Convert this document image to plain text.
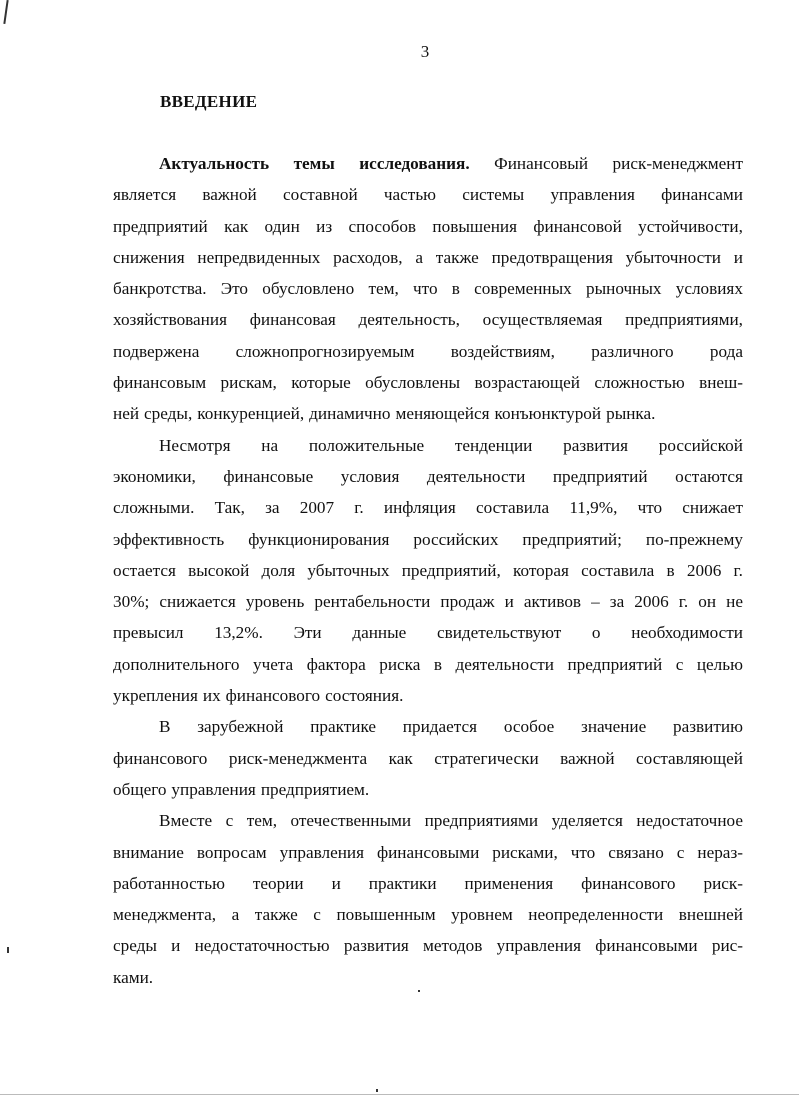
3
ВВЕДЕНИЕ
Актуальность темы исследования. Финансовый риск-менеджмент
является важной составной частью системы управления финансами
предприятий как один из способов повышения финансовой устойчивости,
снижения непредвиденных расходов, а также предотвращения убыточности и
банкротства. Это обусловлено тем, что в современных рыночных условиях
хозяйствования финансовая деятельность, осуществляемая предприятиями,
подвержена сложнопрогнозируемым воздействиям, различного рода
финансовым рискам, которые обусловлены возрастающей сложностью внеш-
ней среды, конкуренцией, динамично меняющейся конъюнктурой рынка.
Несмотря на положительные тенденции развития российской
экономики, финансовые условия деятельности предприятий остаются
сложными. Так, за 2007 г. инфляция составила 11,9%, что снижает
эффективность функционирования российских предприятий; по-прежнему
остается высокой доля убыточных предприятий, которая составила в 2006 г.
30%; снижается уровень рентабельности продаж и активов – за 2006 г. он не
превысил 13,2%. Эти данные свидетельствуют о необходимости
дополнительного учета фактора риска в деятельности предприятий с целью
укрепления их финансового состояния.
В зарубежной практике придается особое значение развитию
финансового риск-менеджмента как стратегически важной составляющей
общего управления предприятием.
Вместе с тем, отечественными предприятиями уделяется недостаточное
внимание вопросам управления финансовыми рисками, что связано с нераз-
работанностью теории и практики применения финансового риск-
менеджмента, а также с повышенным уровнем неопределенности внешней
среды и недостаточностью развития методов управления финансовыми рис-
ками.
